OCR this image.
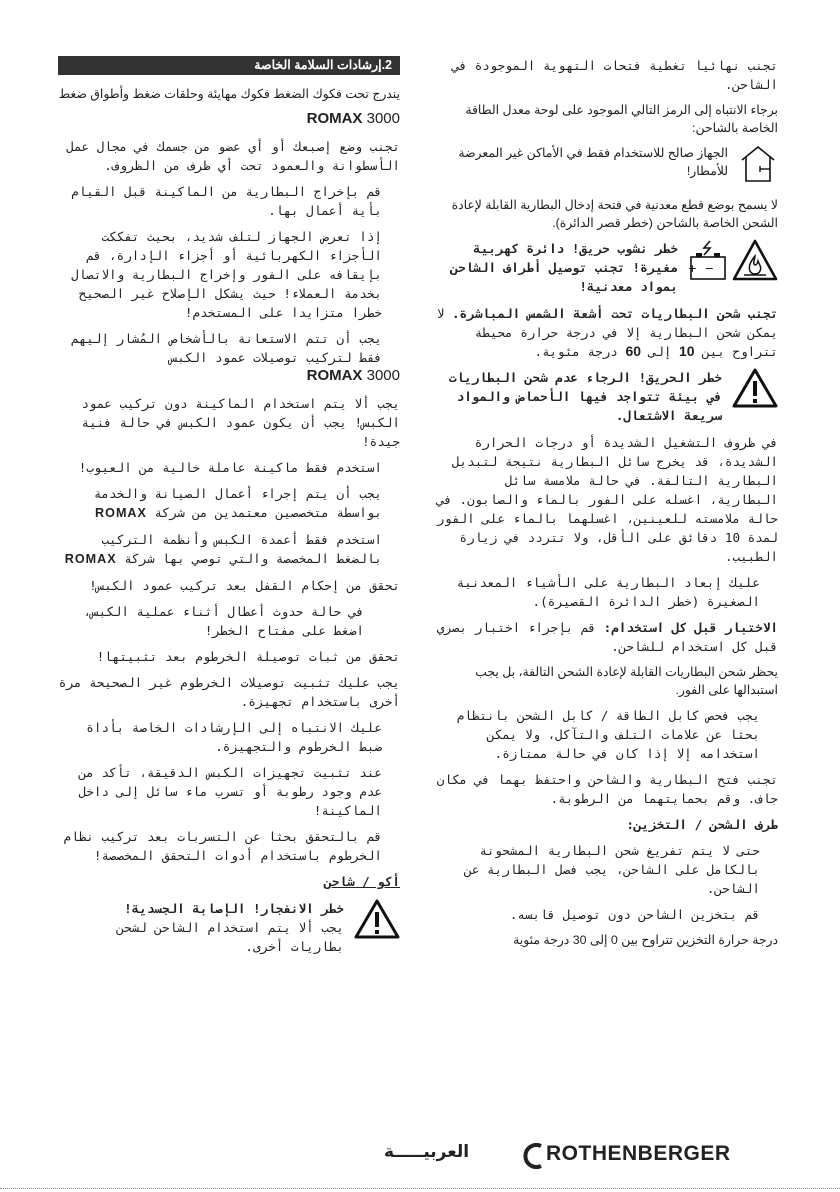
2.إرشادات السلامة الخاصة
يندرج تحت فكوك الضغط فكوك مهايئة وحلقات ضغط وأطواق ضغط
ROMAX 3000
تجنب وضع إصبعك أو أي عضو من جسمك في مجال عمل الأسطوانة والعمود تحت أي ظرف من الظروف.
قم بإخراج البطارية من الماكينة قبل القيام بأية أعمال بها.
إذا تعرض الجهاز لتلف شديد، بحيث تفككت الأجزاء الكهربائية أو أجزاء الإدارة، قم بإيقافه على الفور وإخراج البطارية والاتصال بخدمة العملاء! حيث يشكل الإصلاح غير الصحيح خطرا متزايدا على المستخدم!
يجب أن تتم الاستعانة بالأشخاص المُشار إليهم فقط لتركيب توصيلات عمود الكبس
ROMAX 3000
يجب ألا يتم استخدام الماكينة دون تركيب عمود الكبس! يجب أن يكون عمود الكبس في حالة فنية جيدة!
استخدم فقط ماكينة عاملة خالية من العيوب!
يجب أن يتم إجراء أعمال الصيانة والخدمة بواسطة متخصصين معتمدين من شركة ROMAX
استخدم فقط أعمدة الكبس وأنظمة التركيب بالضغط المخصصة والتي توصي بها شركة ROMAX
تحقق من إحكام القفل بعد تركيب عمود الكبس!
في حالة حدوث أعطال أثناء عملية الكبس، اضغط على مفتاح الخطر!
تحقق من ثبات توصيلة الخرطوم بعد تثبيتها!
يجب عليك تثبيت توصيلات الخرطوم غير الصحيحة مرة أخرى باستخدام تجهيزة.
عليك الانتباه إلى الإرشادات الخاصة بأداة ضبط الخرطوم والتجهيزة.
عند تثبيت تجهيزات الكبس الدقيقة، تأكد من عدم وجود رطوبة أو تسرب ماء سائل إلى داخل الماكينة!
قم بالتحقق بحثا عن التسربات بعد تركيب نظام الخرطوم باستخدام أدوات التحقق المخصصة!
أكو / شاحن
خطر الانفجار! الإصابة الجسدية!
يجب ألا يتم استخدام الشاحن لشحن بطاريات أخرى.
تجنب نهائيا تغطية فتحات التهوية الموجودة في الشاحن.
برجاء الانتباه إلى الرمز التالي الموجود على لوحة معدل الطاقة الخاصة بالشاحن:
الجهاز صالح للاستخدام فقط في الأماكن غير المعرضة للأمطار!
لا يسمح بوضع قطع معدنية في فتحة إدخال البطارية القابلة لإعادة الشحن الخاصة بالشاحن (خطر قصر الدائرة).
+ −
خطر نشوب حريق! دائرة كهربية مغيرة! تجنب توصيل أطراف الشاحن بمواد معدنية!
تجنب شحن البطاريات تحت أشعة الشمس المباشرة. لا يمكن شحن البطارية إلا في درجة حرارة محيطة تتراوح بين 10 إلى 60 درجة مئوية.
خطر الحريق! الرجاء عدم شحن البطاريات في بيئة تتواجد فيها الأحماض والمواد سريعة الاشتعال.
في ظروف التشغيل الشديدة أو درجات الحرارة الشديدة، قد يخرج سائل البطارية نتيجة لتبديل البطارية التالفة. في حالة ملامسة سائل البطارية، اغسله على الفور بالماء والصابون. في حالة ملامسته للعينين، اغسلهما بالماء على الفور لمدة 10 دقائق على الأقل، ولا تتردد في زيارة الطبيب.
عليك إبعاد البطارية على الأشياء المعدنية الصغيرة (خطر الدائرة القصيرة).
الاختبار قبل كل استخدام: قم بإجراء اختبار بصري قبل كل استخدام للشاحن.
يحظر شحن البطاريات القابلة لإعادة الشحن التالفة، بل يجب استبدالها على الفور.
يجب فحص كابل الطاقة / كابل الشحن بانتظام بحثا عن علامات التلف والتآكل، ولا يمكن استخدامه إلا إذا كان في حالة ممتازة.
تجنب فتح البطارية والشاحن واحتفظ بهما في مكان جاف. وقم بحمايتهما من الرطوبة.
طرف الشحن / التخزين:
حتى لا يتم تفريغ شحن البطارية المشحونة بالكامل على الشاحن، يجب فصل البطارية عن الشاحن.
قم بتخزين الشاحن دون توصيل قابسه.
درجة حرارة التخزين تتراوح بين 0 إلى 30 درجة مئوية
العربيـــــة	ROTHENBERGER
